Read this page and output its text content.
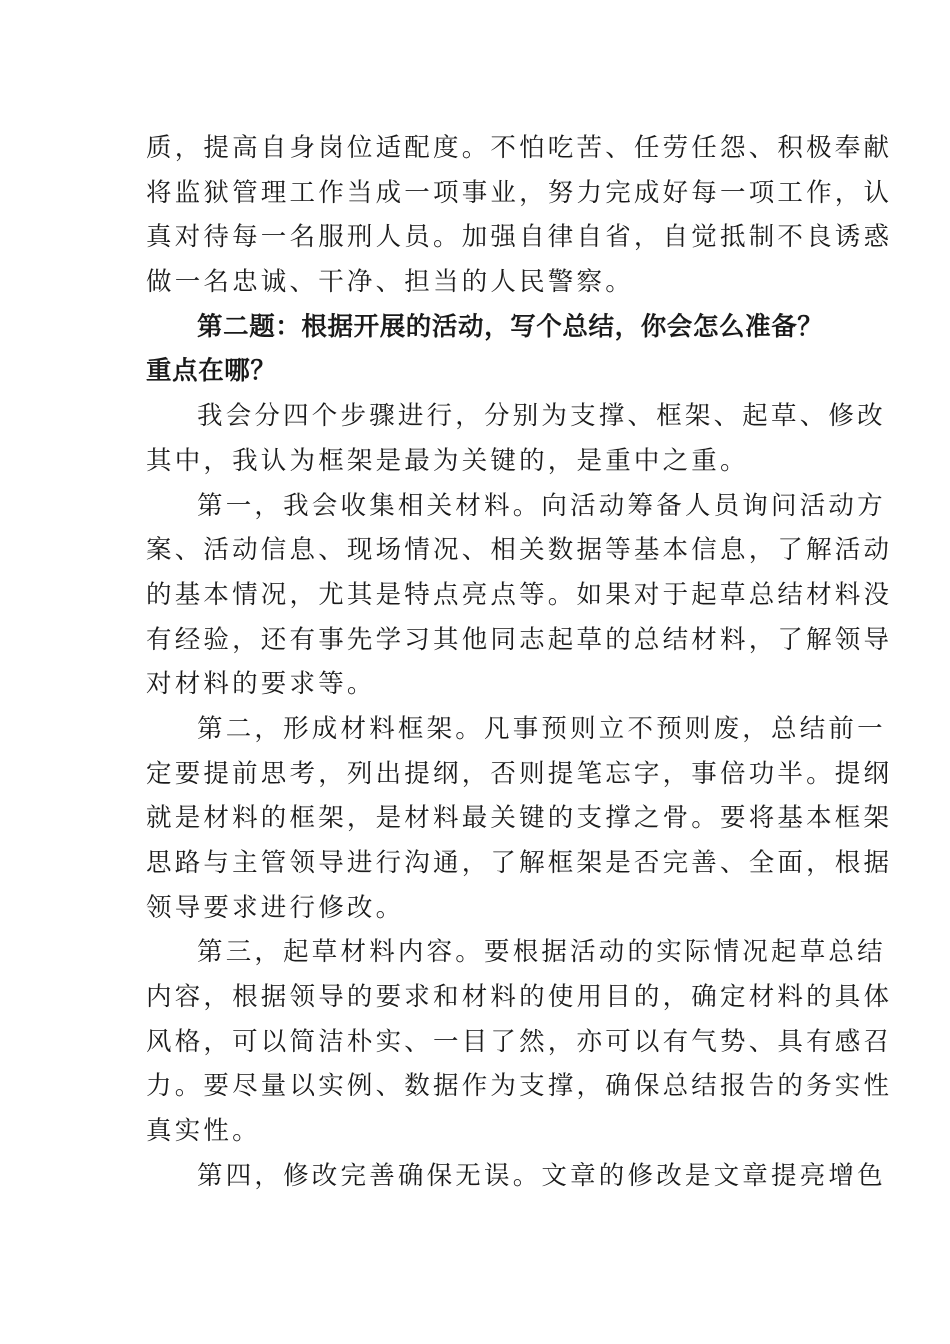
质，提高自身岗位适配度。不怕吃苦、任劳任怨、积极奉献
将监狱管理工作当成一项事业，努力完成好每一项工作，认
真对待每一名服刑人员。加强自律自省，自觉抵制不良诱惑
做一名忠诚、干净、担当的人民警察。
第二题：根据开展的活动，写个总结，你会怎么准备？
重点在哪？
我会分四个步骤进行，分别为支撑、框架、起草、修改
其中，我认为框架是最为关键的，是重中之重。
第一，我会收集相关材料。向活动筹备人员询问活动方
案、活动信息、现场情况、相关数据等基本信息，了解活动
的基本情况，尤其是特点亮点等。如果对于起草总结材料没
有经验，还有事先学习其他同志起草的总结材料，了解领导
对材料的要求等。
第二，形成材料框架。凡事预则立不预则废，总结前一
定要提前思考，列出提纲，否则提笔忘字，事倍功半。提纲
就是材料的框架，是材料最关键的支撑之骨。要将基本框架
思路与主管领导进行沟通，了解框架是否完善、全面，根据
领导要求进行修改。
第三，起草材料内容。要根据活动的实际情况起草总结
内容，根据领导的要求和材料的使用目的，确定材料的具体
风格，可以简洁朴实、一目了然，亦可以有气势、具有感召
力。要尽量以实例、数据作为支撑，确保总结报告的务实性
真实性。
第四，修改完善确保无误。文章的修改是文章提亮增色
